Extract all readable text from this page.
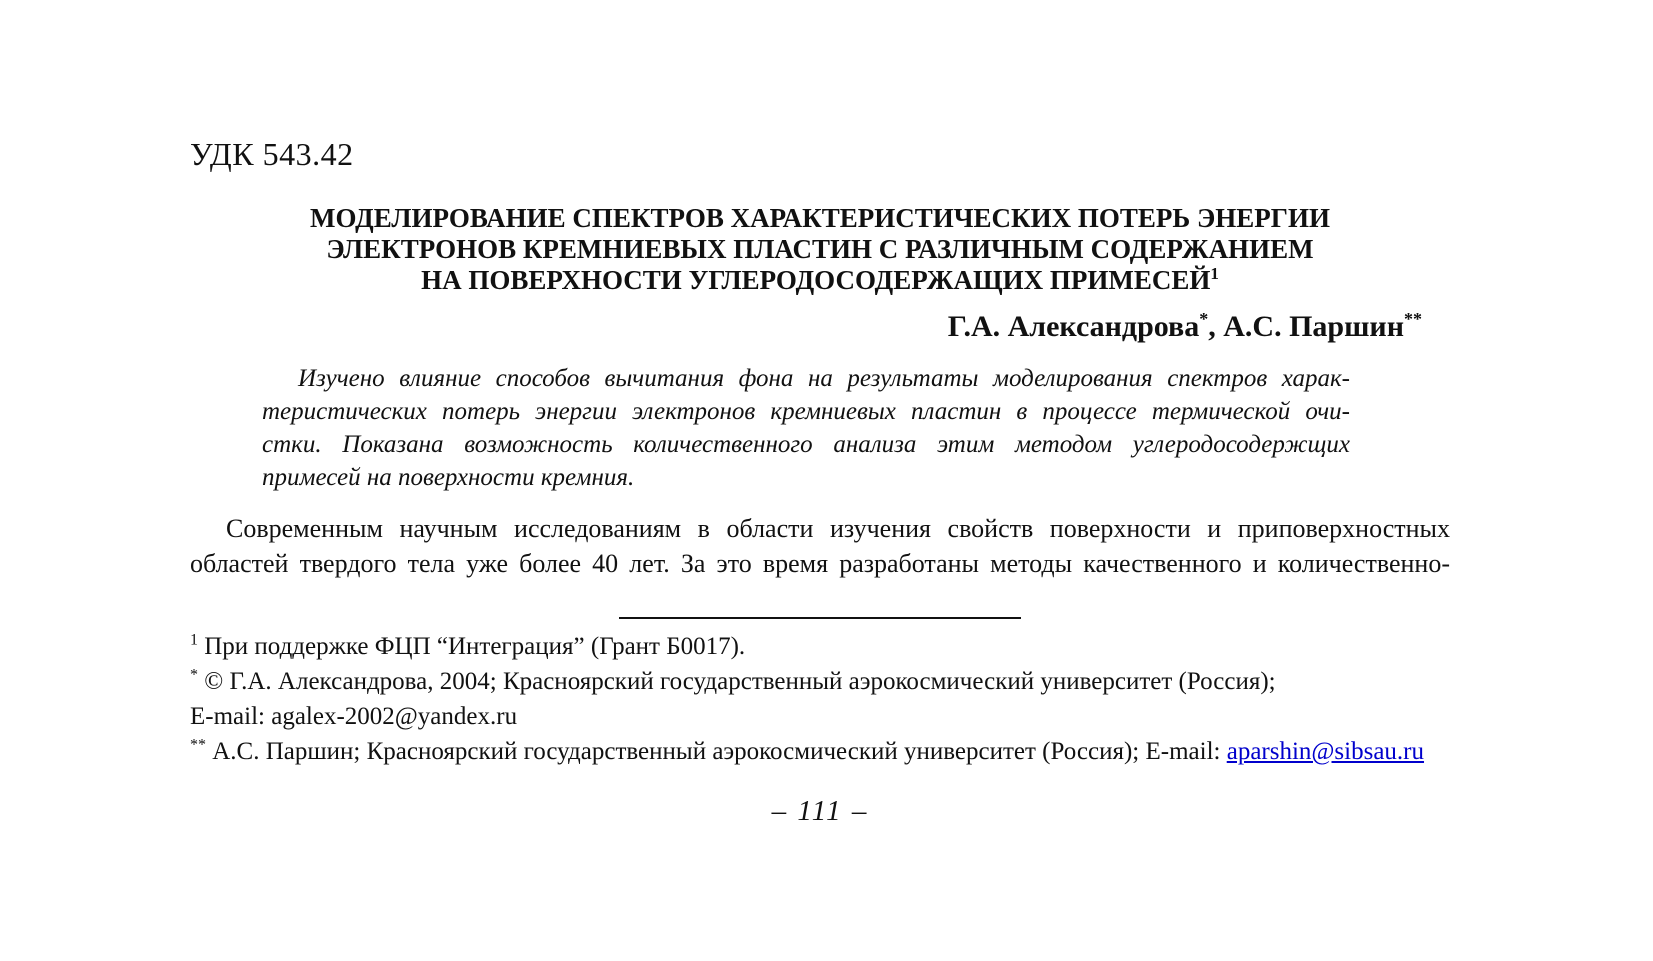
УДК 543.42
МОДЕЛИРОВАНИЕ СПЕКТРОВ ХАРАКТЕРИСТИЧЕСКИХ ПОТЕРЬ ЭНЕРГИИ
ЭЛЕКТРОНОВ КРЕМНИЕВЫХ ПЛАСТИН С РАЗЛИЧНЫМ СОДЕРЖАНИЕМ
НА ПОВЕРХНОСТИ УГЛЕРОДОСОДЕРЖАЩИХ ПРИМЕСЕЙ$^1$
Г.А. Александрова*, А.С. Паршин**
Изучено влияние способов вычитания фона на результаты моделирования спектров харак-
теристических потерь энергии электронов кремниевых пластин в процессе термической очи-
стки. Показана возможность количественного анализа этим методом углеродосодержщих
примесей на поверхности кремния.
Современным научным исследованиям в области изучения свойств поверхности и приповерхностных
областей твердого тела уже более 40 лет. За это время разработаны методы качественного и количественно-
$^1$ При поддержке ФЦП “Интеграция” (Грант Б0017).
* © Г.А. Александрова, 2004; Красноярский государственный аэрокосмический университет (Россия);
E-mail: agalex-2002@yandex.ru
** А.С. Паршин; Красноярский государственный аэрокосмический университет (Россия); E-mail: aparshin@sibsau.ru
– 111 –
